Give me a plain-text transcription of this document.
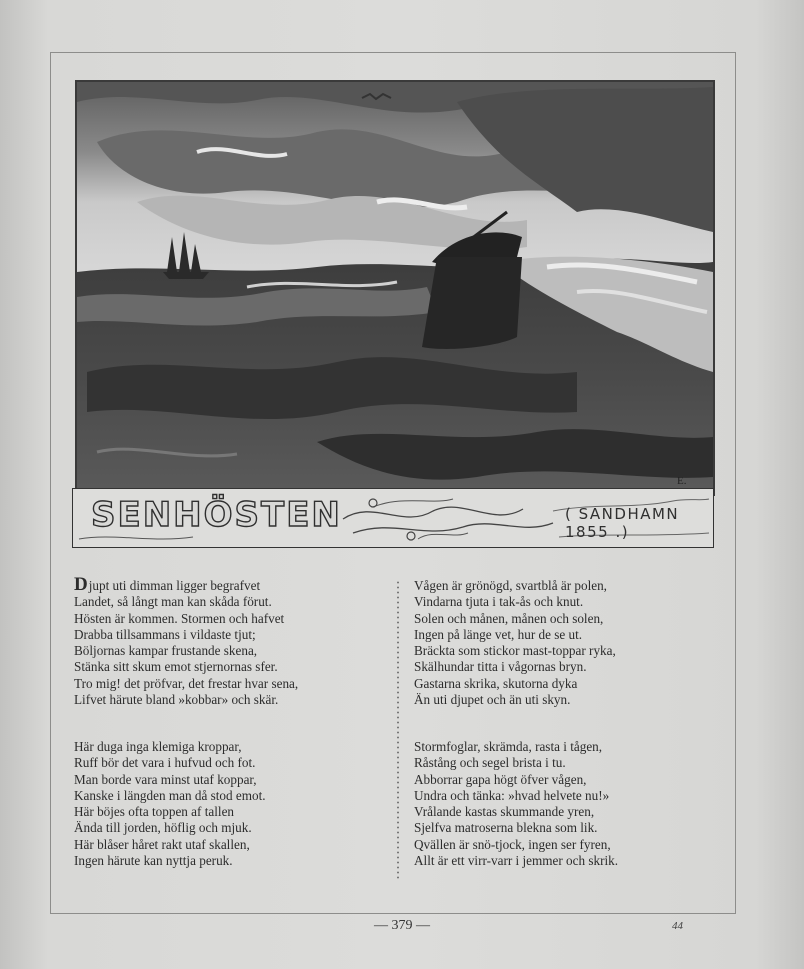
E.
SENHÖSTEN	( SANDHAMN 1855 .)
Djupt uti dimman ligger begrafvet
Landet, så långt man kan skåda förut.
Hösten är kommen. Stormen och hafvet
Drabba tillsammans i vildaste tjut;
Böljornas kampar frustande skena,
Stänka sitt skum emot stjernornas sfer.
Tro mig! det pröfvar, det frestar hvar sena,
Lifvet härute bland »kobbar» och skär.
Här duga inga klemiga kroppar,
Ruff bör det vara i hufvud och fot.
Man borde vara minst utaf koppar,
Kanske i längden man då stod emot.
Här böjes ofta toppen af tallen
Ända till jorden, höflig och mjuk.
Här blåser håret rakt utaf skallen,
Ingen härute kan nyttja peruk.
Vågen är grönögd, svartblå är polen,
Vindarna tjuta i tak-ås och knut.
Solen och månen, månen och solen,
Ingen på länge vet, hur de se ut.
Bräckta som stickor mast-toppar ryka,
Skälhundar titta i vågornas bryn.
Gastarna skrika, skutorna dyka
Än uti djupet och än uti skyn.
Stormfoglar, skrämda, rasta i tågen,
Råstång och segel brista i tu.
Abborrar gapa högt öfver vågen,
Undra och tänka: »hvad helvete nu!»
Vrålande kastas skummande yren,
Sjelfva matroserna blekna som lik.
Qvällen är snö-tjock, ingen ser fyren,
Allt är ett virr-varr i jemmer och skrik.
— 379 —	44
